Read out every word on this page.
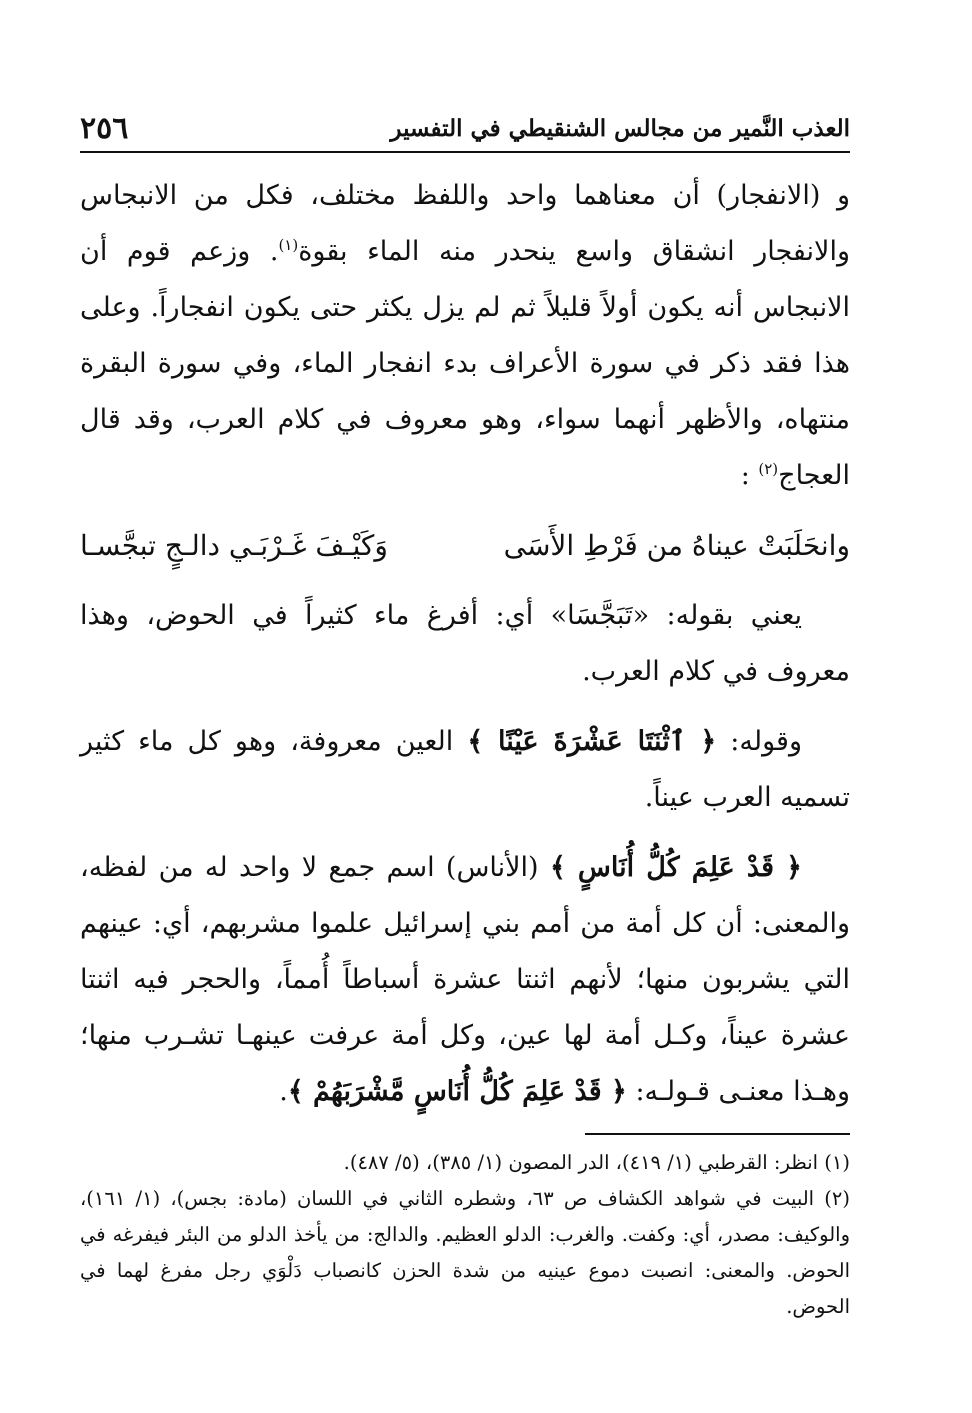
العذب النَّمير من مجالس الشنقيطي في التفسير
٢٥٦

و (الانفجار) أن معناهما واحد واللفظ مختلف، فكل من الانبجاس والانفجار انشقاق واسع ينحدر منه الماء بقوة$^{(١)}$. وزعم قوم أن الانبجاس أنه يكون أولاً قليلاً ثم لم يزل يكثر حتى يكون انفجاراً. وعلى هذا فقد ذكر في سورة الأعراف بدء انفجار الماء، وفي سورة البقرة منتهاه، والأظهر أنهما سواء، وهو معروف في كلام العرب، وقد قال العجاج$^{(٢)}$ :

وانحَلَبَتْ عيناهُ من فَرْطِ الأَسَى
وَكَيْـفَ غَـرْبَـي دالـجٍ تبجَّسـا

يعني بقوله: «تَبَجَّسَا» أي: أفرغ ماء كثيراً في الحوض، وهذا معروف في كلام العرب.

وقوله: ﴿ ٱثْنَتَا عَشْرَةَ عَيْنًا ﴾ العين معروفة، وهو كل ماء كثير تسميه العرب عيناً.

﴿ قَدْ عَلِمَ كُلُّ أُنَاسٍ ﴾ (الأناس) اسم جمع لا واحد له من لفظه، والمعنى: أن كل أمة من أمم بني إسرائيل علموا مشربهم، أي: عينهم التي يشربون منها؛ لأنهم اثنتا عشرة أسباطاً أُمماً، والحجر فيه اثنتا عشرة عيناً، وكـل أمة لها عين، وكل أمة عرفت عينهـا تشـرب منها؛ وهـذا معنـى قـولـه: ﴿ قَدْ عَلِمَ كُلُّ أُنَاسٍ مَّشْرَبَهُمْ ﴾.

(١) انظر: القرطبي (١/ ٤١٩)، الدر المصون (١/ ٣٨٥)، (٥/ ٤٨٧).

(٢) البيت في شواهد الكشاف ص ٦٣، وشطره الثاني في اللسان (مادة: بجس)، (١/ ١٦١)، والوكيف: مصدر، أي: وكفت. والغرب: الدلو العظيم. والدالج: من يأخذ الدلو من البئر فيفرغه في الحوض. والمعنى: انصبت دموع عينيه من شدة الحزن كانصباب دَلْوَي رجل مفرغ لهما في الحوض.
